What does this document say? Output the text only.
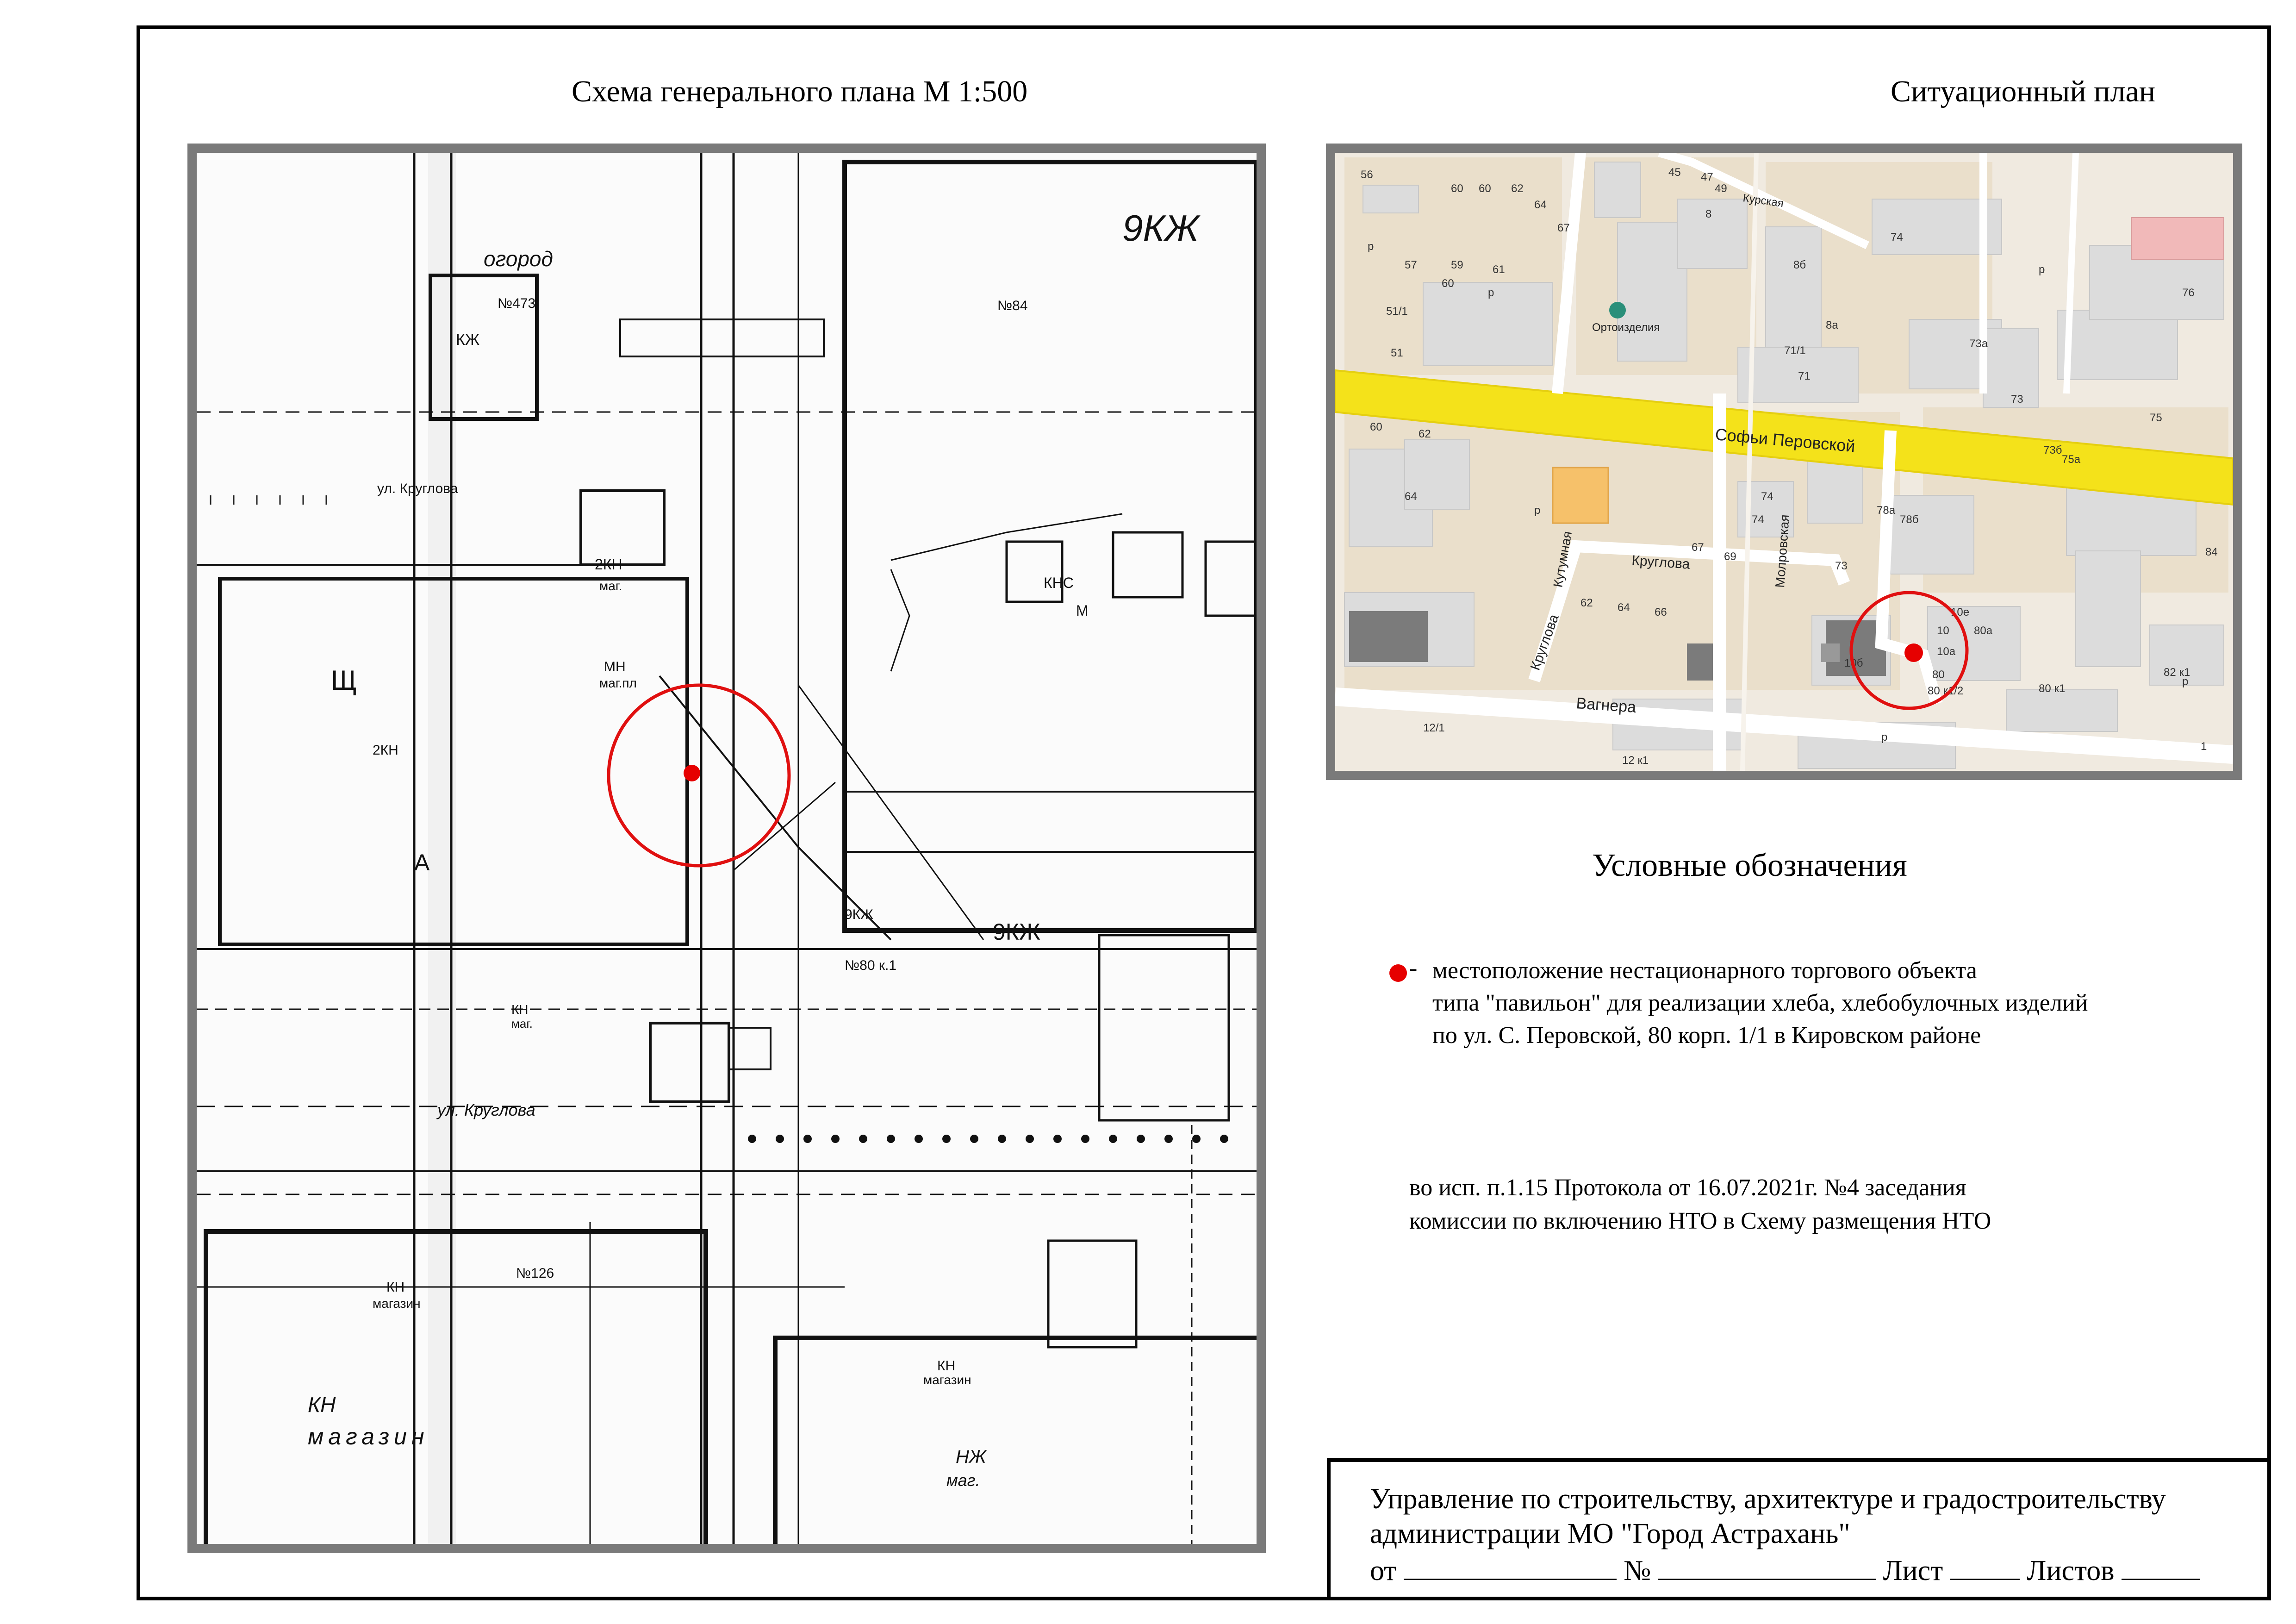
Схема генерального плана М 1:500	Ситуационный план
огород
КЖ
№473	№84
9КЖ
ул. Круглова
2КН
маг.
МН
маг.пл
КНС
М
Щ
2КН
А
9КЖ
№80 к.1
9КЖ
КН
маг.
ул. Круглова
№126
КН
магазин
КН
магазин
КН
магазин
НЖ
маг.
Софьи Перовской
Круглова
Круглова
Кутумная	Молровская
Вагнера
Курская
Ортоизделия
56
60 60 62
64
67
45 47
49
8
74
8б
57	59	61
60
51/1
51	71/1
71
8а
73а
76
73
75
73б
75а
60
62
64	74
74
78а
78б
67
69
73
62 64 66
84
10е
10 80а
10а
10б
80
80 к1/2	80 к1
82 к1
12/1
12 к1
1
р
р
р
р
р
р
Условные обозначения
- местоположение нестационарного торгового объекта
типа "павильон" для реализации хлеба, хлебобулочных изделий
по ул. С. Перовской, 80 корп. 1/1 в Кировском районе
во исп. п.1.15 Протокола от 16.07.2021г. №4 заседания
комиссии по включению НТО в Схему размещения НТО
Управление по строительству, архитектуре и градостроительству
администрации МО "Город Астрахань"
от	№	Лист	Листов
